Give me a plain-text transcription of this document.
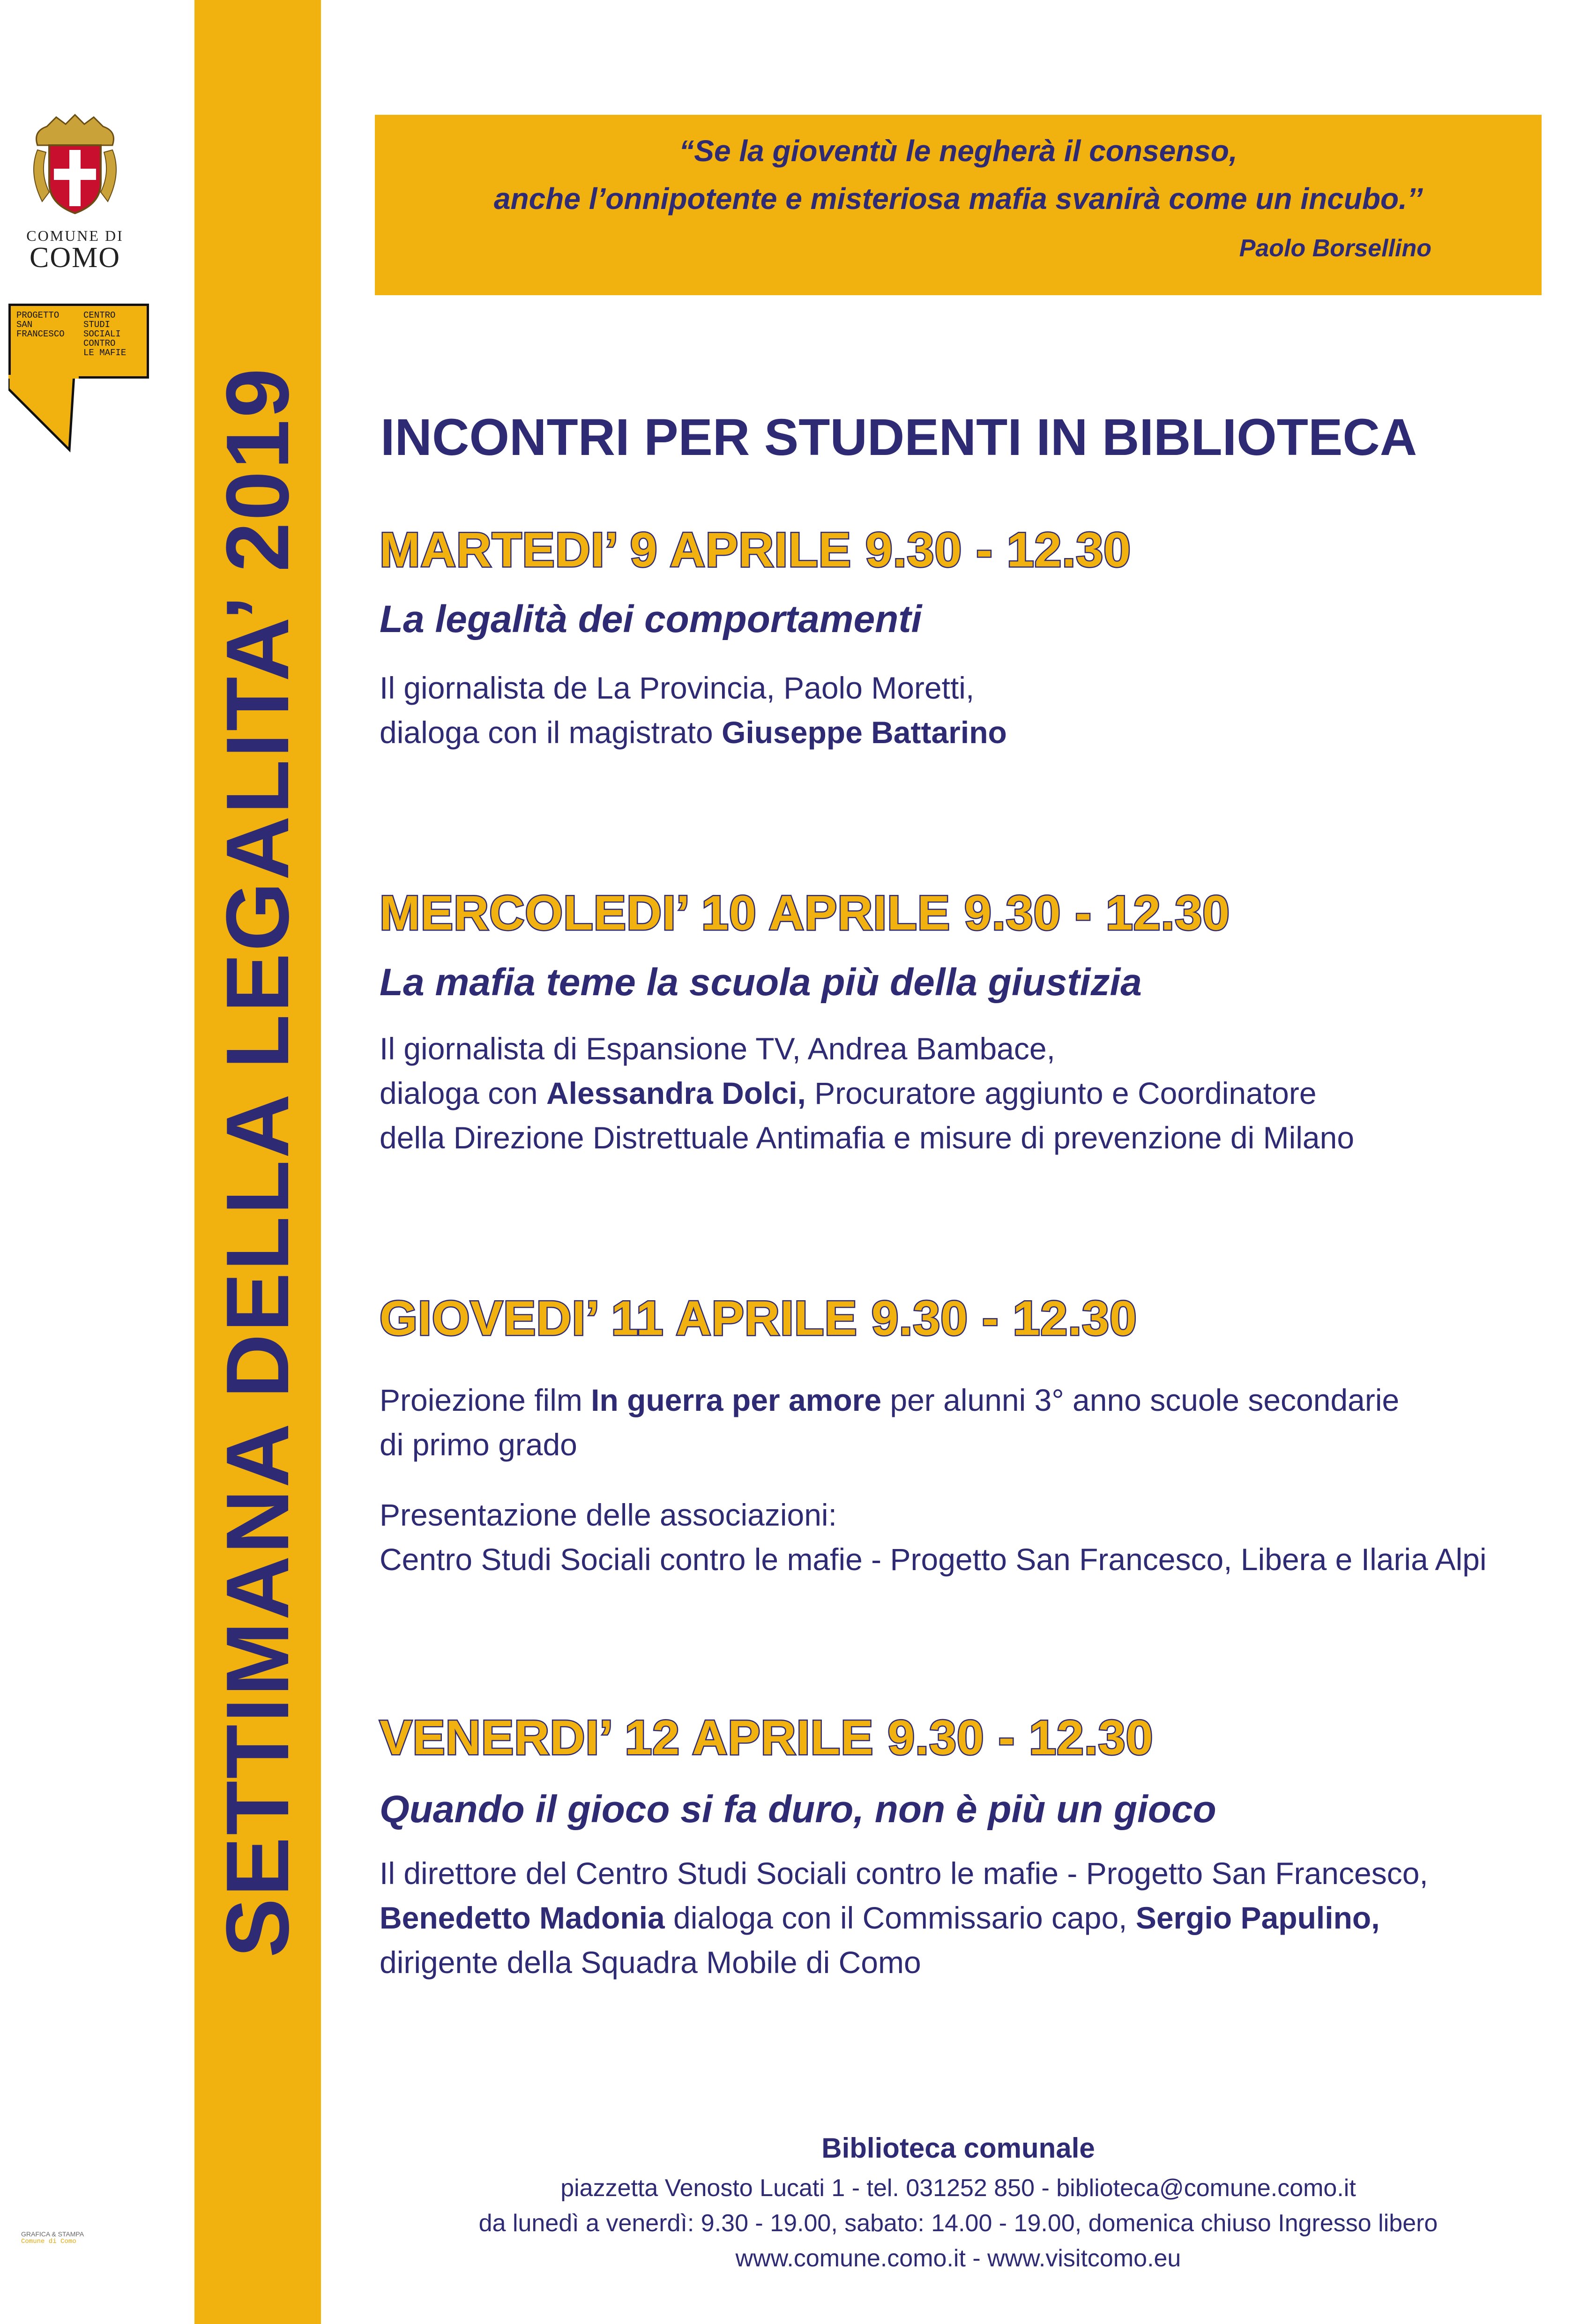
COMUNE DI
COMO
PROGETTO
SAN
FRANCESCO
CENTRO
STUDI
SOCIALI
CONTRO
LE MAFIE
GRAFICA & STAMPA
Comune di Como
SETTIMANA DELLA LEGALITA’ 2019
“Se la gioventù le negherà il consenso,
anche l’onnipotente e misteriosa mafia svanirà come un incubo.’’
Paolo Borsellino
INCONTRI PER STUDENTI IN BIBLIOTECA
MARTEDI’ 9 APRILE 9.30 - 12.30
La legalità dei comportamenti
Il giornalista de La Provincia, Paolo Moretti,
dialoga con il magistrato Giuseppe Battarino
MERCOLEDI’ 10 APRILE 9.30 - 12.30
La mafia teme la scuola più della giustizia
Il giornalista di Espansione TV, Andrea Bambace,
dialoga con Alessandra Dolci, Procuratore aggiunto e Coordinatore
della Direzione Distrettuale Antimafia e misure di prevenzione di Milano
GIOVEDI’ 11 APRILE 9.30 - 12.30
Proiezione film In guerra per amore per alunni 3° anno scuole secondarie
di primo grado
Presentazione delle associazioni:
Centro Studi Sociali contro le mafie - Progetto San Francesco, Libera e Ilaria Alpi
VENERDI’ 12 APRILE 9.30 - 12.30
Quando il gioco si fa duro, non è più un gioco
Il direttore del Centro Studi Sociali contro le mafie - Progetto San Francesco,
Benedetto Madonia dialoga con il Commissario capo, Sergio Papulino,
dirigente della Squadra Mobile di Como
Biblioteca comunale
piazzetta Venosto Lucati 1 - tel. 031252 850 - biblioteca@comune.como.it
da lunedì a venerdì: 9.30 - 19.00, sabato: 14.00 - 19.00, domenica chiuso Ingresso libero
www.comune.como.it - www.visitcomo.eu
